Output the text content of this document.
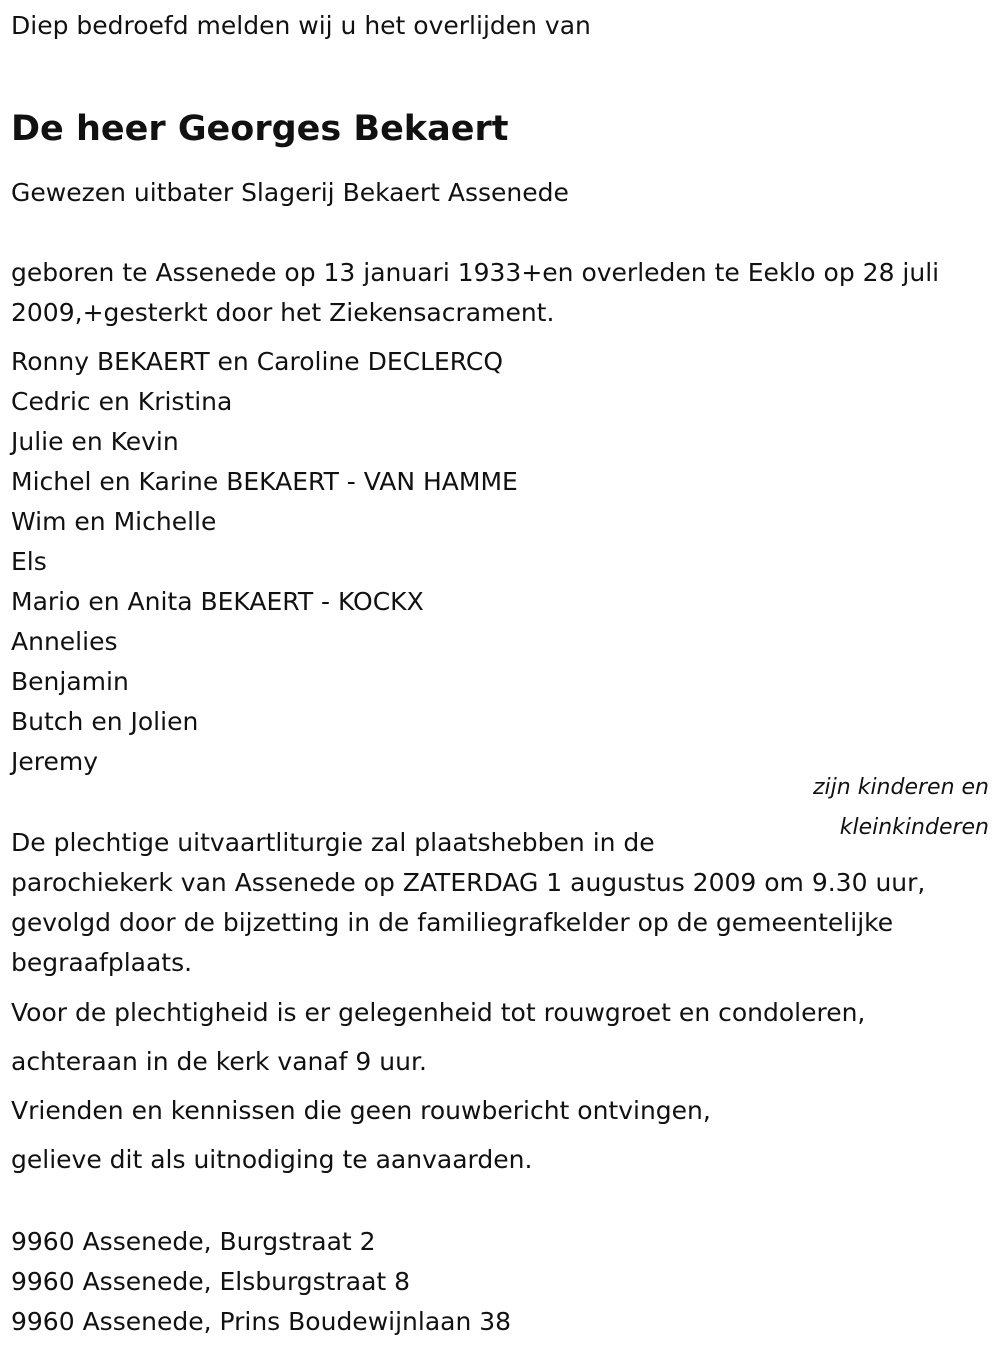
Diep bedroefd melden wij u het overlijden van
De heer Georges Bekaert
Gewezen uitbater Slagerij Bekaert Assenede
geboren te Assenede op 13 januari 1933+en overleden te Eeklo op 28 juli 2009,+gesterkt door het Ziekensacrament.
Ronny BEKAERT en Caroline DECLERCQ
Cedric en Kristina
Julie en Kevin
Michel en Karine BEKAERT - VAN HAMME
Wim en Michelle
Els
Mario en Anita BEKAERT - KOCKX
Annelies
Benjamin
Butch en Jolien
Jeremy
zijn kinderen en
kleinkinderen
De plechtige uitvaartliturgie zal plaatshebben in de
parochiekerk van Assenede op ZATERDAG 1 augustus 2009 om 9.30 uur,
gevolgd door de bijzetting in de familiegrafkelder op de gemeentelijke
begraafplaats.
Voor de plechtigheid is er gelegenheid tot rouwgroet en condoleren,
achteraan in de kerk vanaf 9 uur.
Vrienden en kennissen die geen rouwbericht ontvingen,
gelieve dit als uitnodiging te aanvaarden.
9960 Assenede, Burgstraat 2
9960 Assenede, Elsburgstraat 8
9960 Assenede, Prins Boudewijnlaan 38
